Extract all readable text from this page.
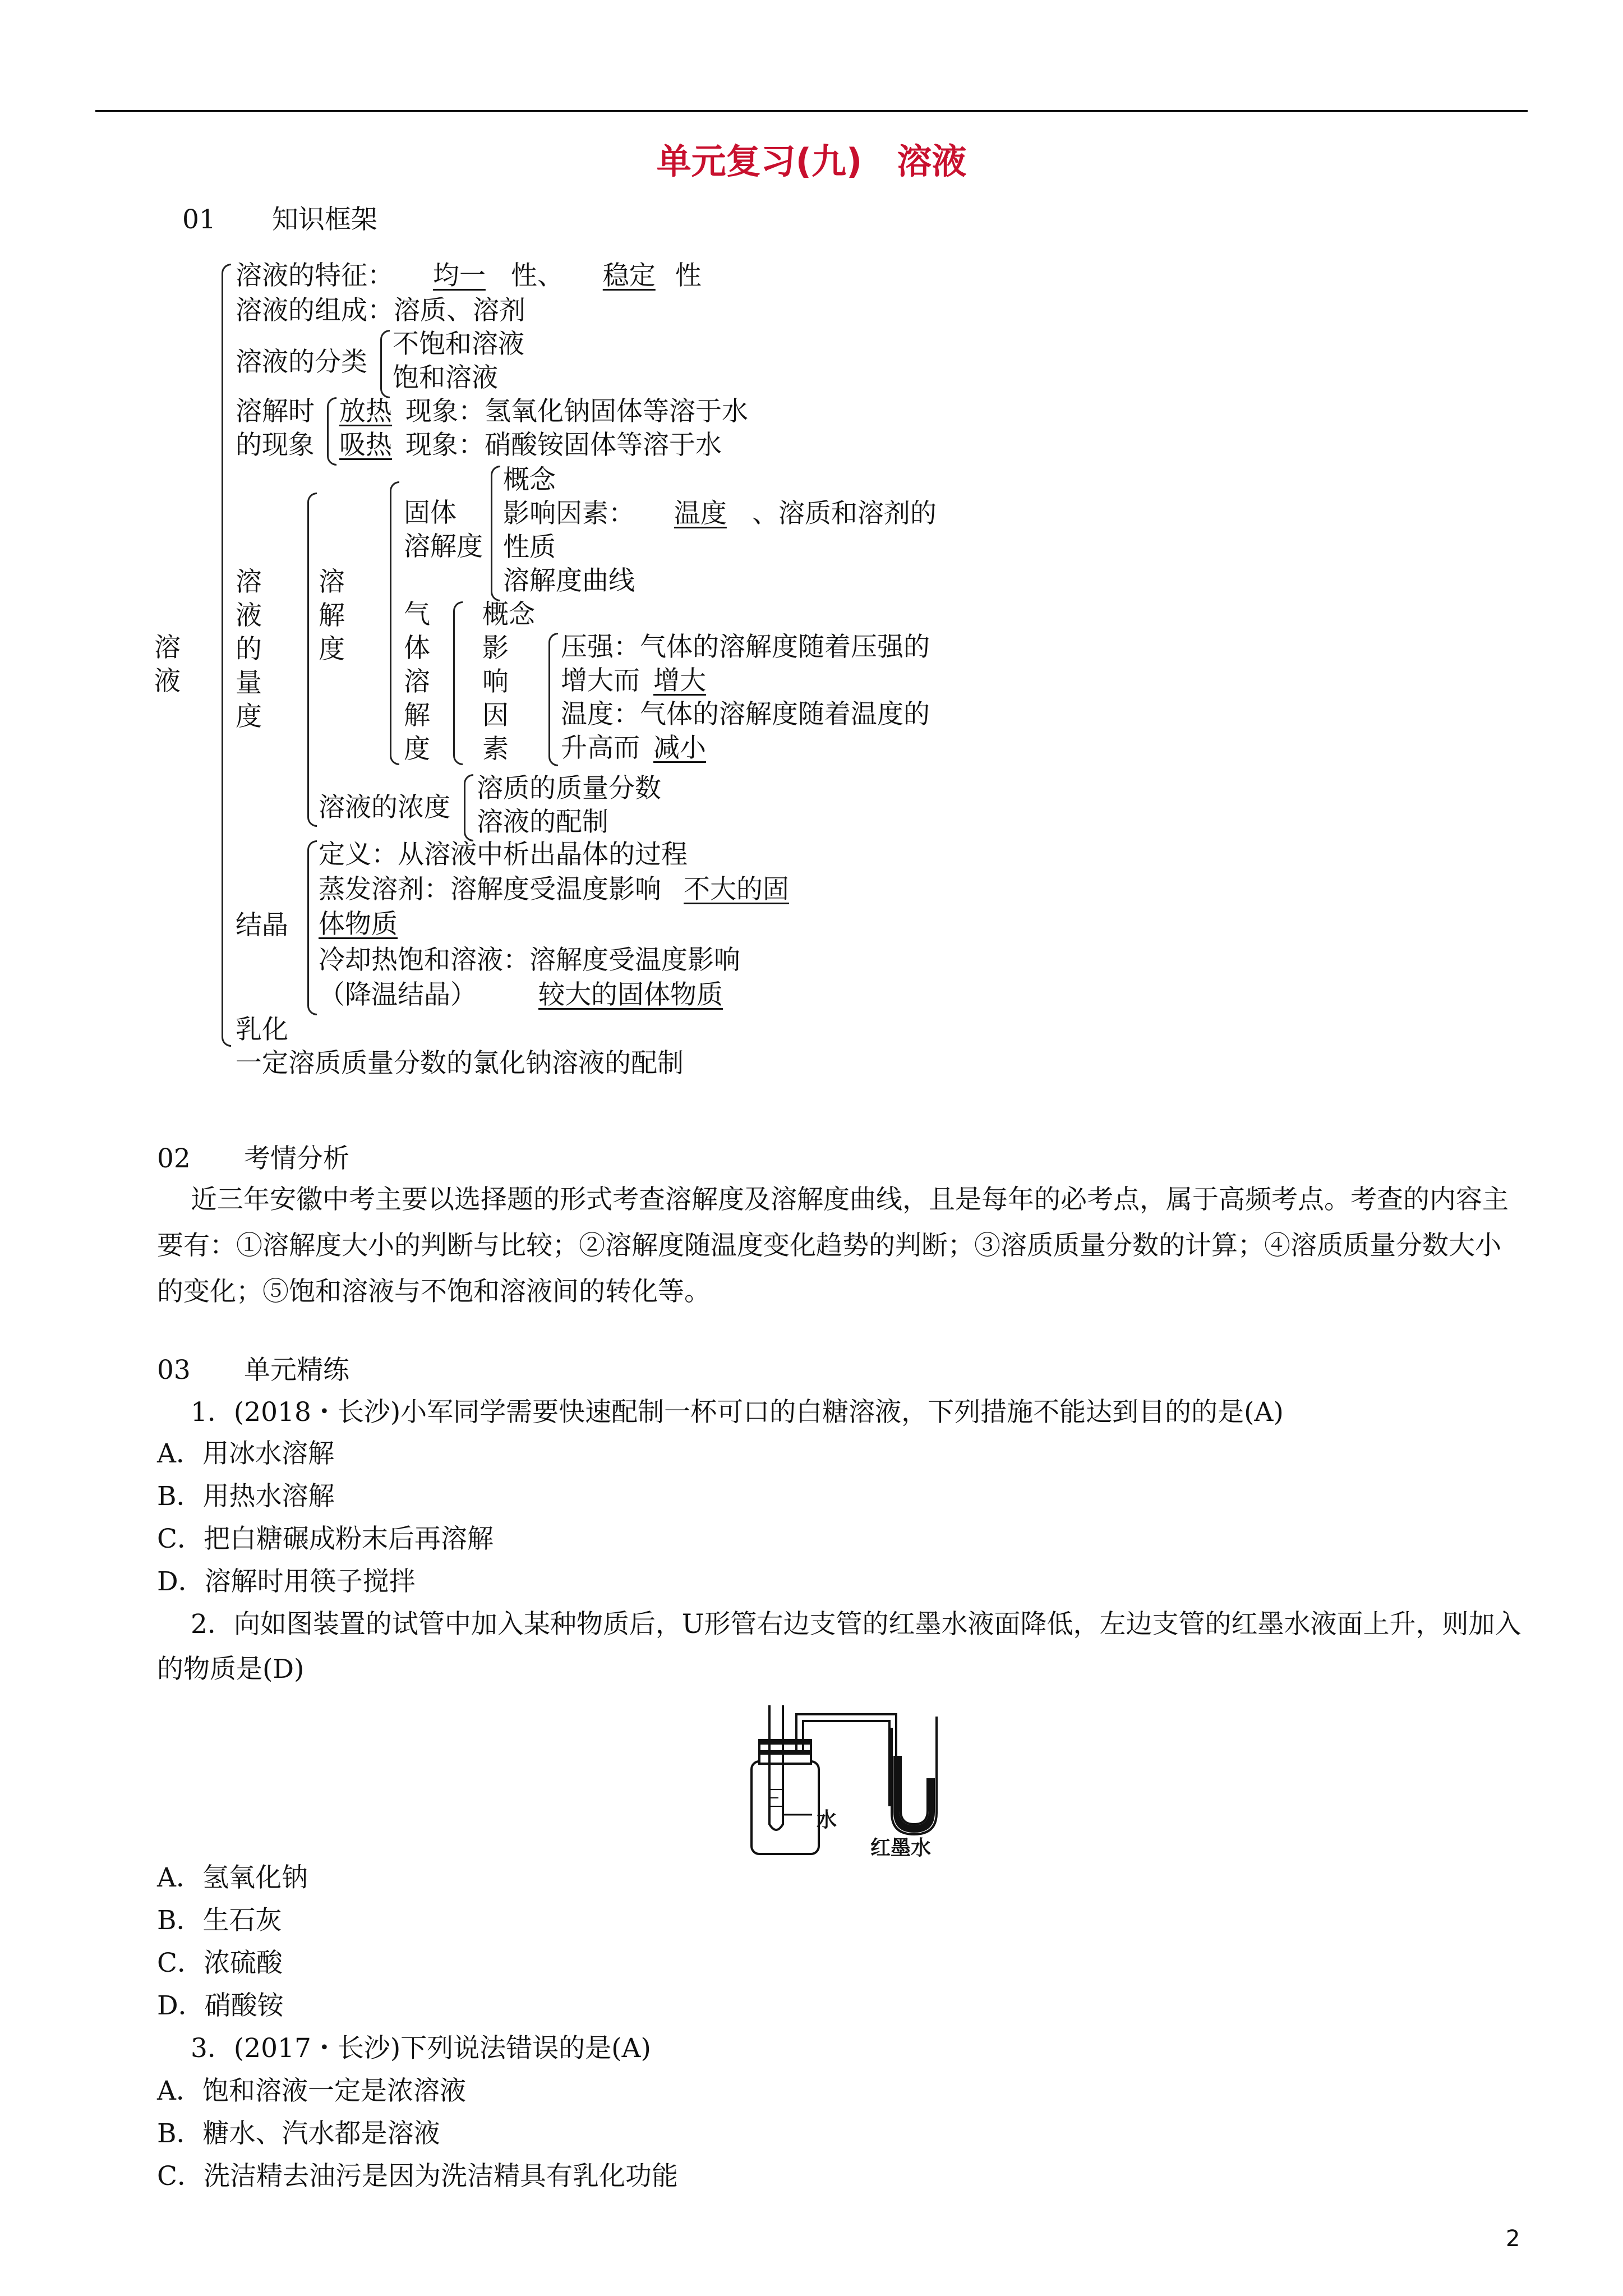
单元复习(九)　溶液
01 知识框架
溶
液
溶液的特征： 均一 性、 稳定 性
溶液的组成：溶质、溶剂
溶液的分类
不饱和溶液
饱和溶液
溶解时
的现象
放热 现象：氢氧化钠固体等溶于水
吸热 现象：硝酸铵固体等溶于水
溶
液
的
量
度
溶
解
度
固体
溶解度
概念
影响因素： 温度 、溶质和溶剂的
性质
溶解度曲线
气
体
溶
解
度
概念
影
响
因
素
压强：气体的溶解度随着压强的
增大而 增大
温度：气体的溶解度随着温度的
升高而 减小
溶液的浓度
溶质的质量分数
溶液的配制
结晶
定义：从溶液中析出晶体的过程
蒸发溶剂：溶解度受温度影响 不大的固
体物质
冷却热饱和溶液：溶解度受温度影响
（降温结晶） 较大的固体物质
乳化
一定溶质质量分数的氯化钠溶液的配制
02 考情分析
近三年安徽中考主要以选择题的形式考查溶解度及溶解度曲线，且是每年的必考点，属于高频考点。考查的内容主要有：①溶解度大小的判断与比较；②溶解度随温度变化趋势的判断；③溶质质量分数的计算；④溶质质量分数大小的变化；⑤饱和溶液与不饱和溶液间的转化等。
03 单元精练
1．(2018・长沙)小军同学需要快速配制一杯可口的白糖溶液，下列措施不能达到目的的是(A)
A．用冰水溶解
B．用热水溶解
C．把白糖碾成粉末后再溶解
D．溶解时用筷子搅拌
2．向如图装置的试管中加入某种物质后，U形管右边支管的红墨水液面降低，左边支管的红墨水液面上升，则加入的物质是(D)
水
红墨水
A．氢氧化钠
B．生石灰
C．浓硫酸
D．硝酸铵
3．(2017・长沙)下列说法错误的是(A)
A．饱和溶液一定是浓溶液
B．糖水、汽水都是溶液
C．洗洁精去油污是因为洗洁精具有乳化功能
2
